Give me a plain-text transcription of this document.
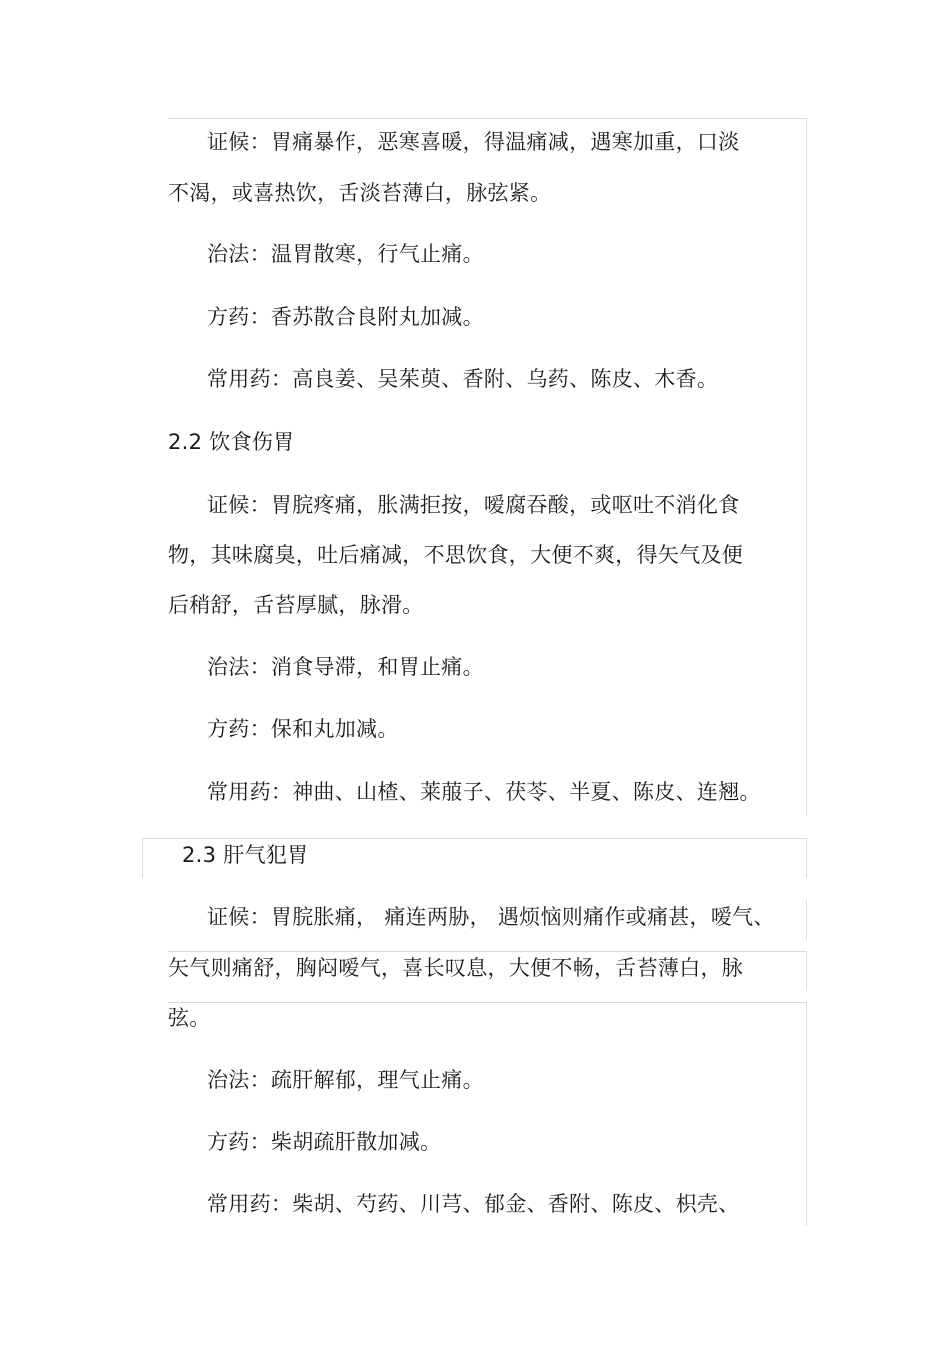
证候：胃痛暴作，恶寒喜暖，得温痛减，遇寒加重，口淡
不渴，或喜热饮，舌淡苔薄白，脉弦紧。
治法：温胃散寒，行气止痛。
方药：香苏散合良附丸加减。
常用药：高良姜、吴茱萸、香附、乌药、陈皮、木香。
2.2 饮食伤胃
证候：胃脘疼痛，胀满拒按，嗳腐吞酸，或呕吐不消化食
物，其味腐臭，吐后痛减，不思饮食，大便不爽，得矢气及便
后稍舒，舌苔厚腻，脉滑。
治法：消食导滞，和胃止痛。
方药：保和丸加减。
常用药：神曲、山楂、莱菔子、茯苓、半夏、陈皮、连翘。
2.3 肝气犯胃
证候：胃脘胀痛， 痛连两胁， 遇烦恼则痛作或痛甚，嗳气、
矢气则痛舒，胸闷嗳气，喜长叹息，大便不畅，舌苔薄白，脉
弦。
治法：疏肝解郁，理气止痛。
方药：柴胡疏肝散加减。
常用药：柴胡、芍药、川芎、郁金、香附、陈皮、枳壳、
